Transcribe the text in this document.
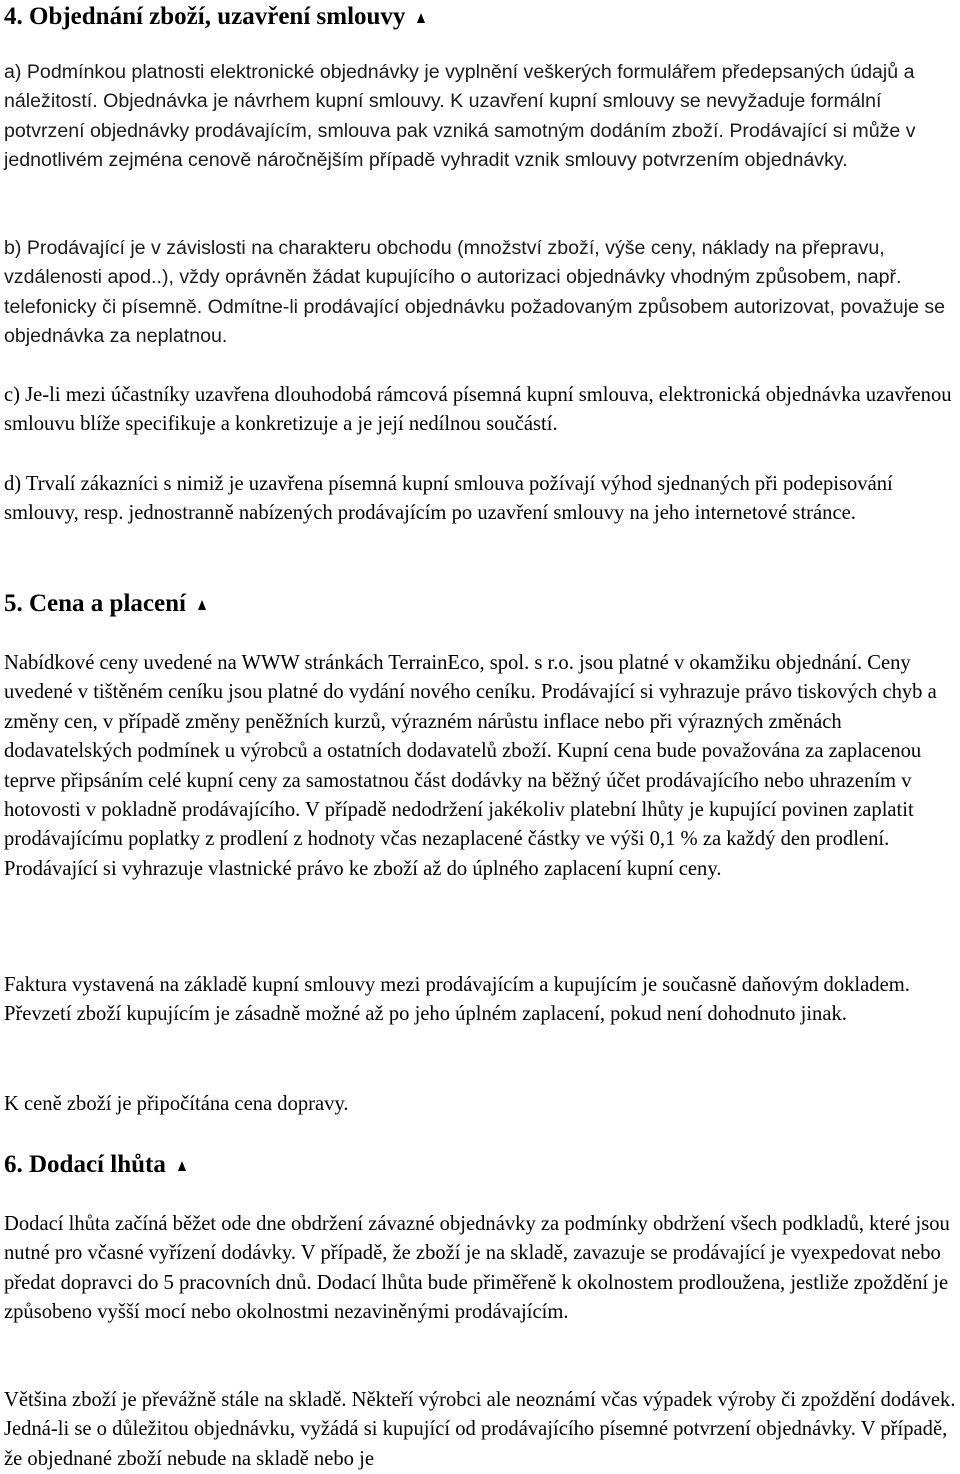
4. Objednání zboží, uzavření smlouvy

a) Podmínkou platnosti elektronické objednávky je vyplnění veškerých formulářem předepsaných údajů a náležitostí. Objednávka je návrhem kupní smlouvy. K uzavření kupní smlouvy se nevyžaduje formální potvrzení objednávky prodávajícím, smlouva pak vzniká samotným dodáním zboží. Prodávající si může v jednotlivém zejména cenově náročnějším případě vyhradit vznik smlouvy potvrzením objednávky.

b) Prodávající je v závislosti na charakteru obchodu (množství zboží, výše ceny, náklady na přepravu, vzdálenosti apod..), vždy oprávněn žádat kupujícího o autorizaci objednávky vhodným způsobem, např. telefonicky či písemně. Odmítne-li prodávající objednávku požadovaným způsobem autorizovat, považuje se objednávka za neplatnou.

c) Je-li mezi účastníky uzavřena dlouhodobá rámcová písemná kupní smlouva, elektronická objednávka uzavřenou smlouvu blíže specifikuje a konkretizuje a je její nedílnou součástí.

d) Trvalí zákazníci s nimiž je uzavřena písemná kupní smlouva požívají výhod sjednaných při podepisování smlouvy, resp. jednostranně nabízených prodávajícím po uzavření smlouvy na jeho internetové stránce.

5. Cena a placení

Nabídkové ceny uvedené na WWW stránkách TerrainEco, spol. s r.o. jsou platné v okamžiku objednání. Ceny uvedené v tištěném ceníku jsou platné do vydání nového ceníku. Prodávající si vyhrazuje právo tiskových chyb a změny cen, v případě změny peněžních kurzů, výrazném nárůstu inflace nebo při výrazných změnách dodavatelských podmínek u výrobců a ostatních dodavatelů zboží. Kupní cena bude považována za zaplacenou teprve připsáním celé kupní ceny za samostatnou část dodávky na běžný účet prodávajícího nebo uhrazením v hotovosti v pokladně prodávajícího. V případě nedodržení jakékoliv platební lhůty je kupující povinen zaplatit prodávajícímu poplatky z prodlení z hodnoty včas nezaplacené částky ve výši 0,1 % za každý den prodlení. Prodávající si vyhrazuje vlastnické právo ke zboží až do úplného zaplacení kupní ceny.

Faktura vystavená na základě kupní smlouvy mezi prodávajícím a kupujícím je současně daňovým dokladem. Převzetí zboží kupujícím je zásadně možné až po jeho úplném zaplacení, pokud není dohodnuto jinak.

K ceně zboží je připočítána cena dopravy.

6. Dodací lhůta

Dodací lhůta začíná běžet ode dne obdržení závazné objednávky za podmínky obdržení všech podkladů, které jsou nutné pro včasné vyřízení dodávky. V případě, že zboží je na skladě, zavazuje se prodávající je vyexpedovat nebo předat dopravci do 5 pracovních dnů. Dodací lhůta bude přiměřeně k okolnostem prodloužena, jestliže zpoždění je způsobeno vyšší mocí nebo okolnostmi nezaviněnými prodávajícím.

Většina zboží je převážně stále na skladě. Někteří výrobci ale neoznámí včas výpadek výroby či zpoždění dodávek. Jedná-li se o důležitou objednávku, vyžádá si kupující od prodávajícího písemné potvrzení objednávky. V případě, že objednané zboží nebude na skladě nebo je
